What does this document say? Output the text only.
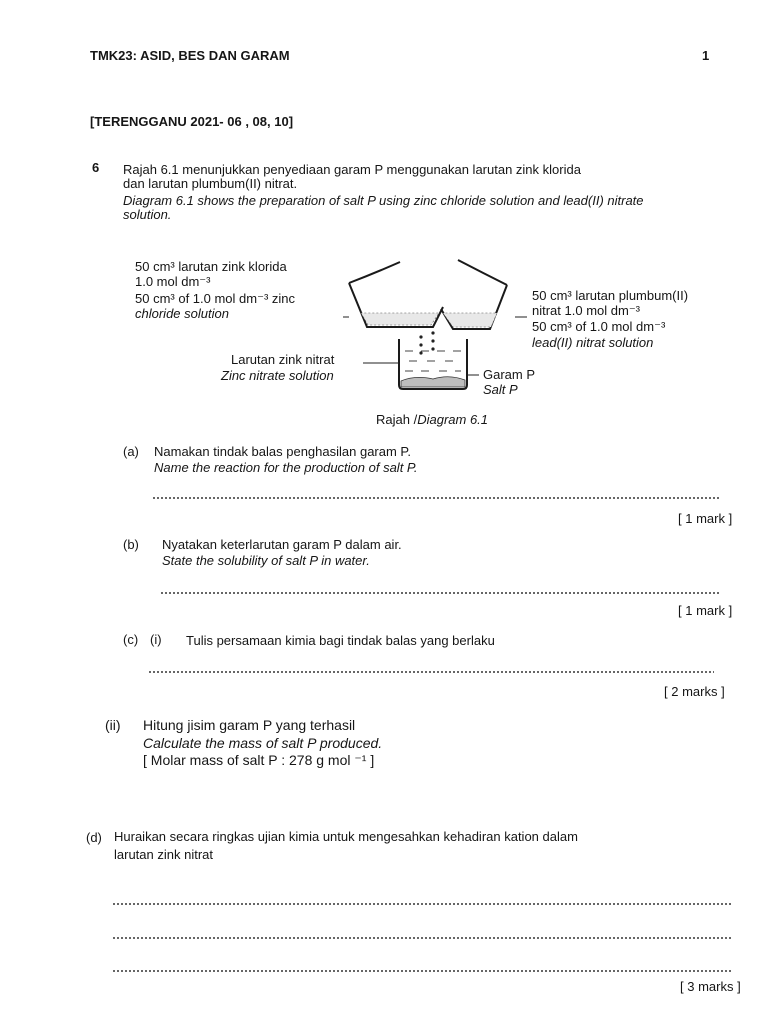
TMK23: ASID, BES DAN GARAM	1
[TERENGGANU 2021- 06 , 08, 10]
6 Rajah 6.1 menunjukkan penyediaan garam P menggunakan larutan zink klorida
dan larutan plumbum(II) nitrat.
Diagram 6.1 shows the preparation of salt P using zinc chloride solution and lead(II) nitrate
solution.
50 cm³ larutan zink klorida
1.0 mol dm⁻³
50 cm³ of 1.0 mol dm⁻³ zinc
chloride solution
50 cm³ larutan plumbum(II)
nitrat 1.0 mol dm⁻³
50 cm³ of 1.0 mol dm⁻³
lead(II) nitrat solution
Larutan zink nitrat
Zinc nitrate solution	Garam P
Salt P
Rajah /Diagram 6.1
(a) Namakan tindak balas penghasilan garam P.
Name the reaction for the production of salt P.
[ 1 mark ]
(b) Nyatakan keterlarutan garam P dalam air.
State the solubility of salt P in water.
[ 1 mark ]
(c) (i) Tulis persamaan kimia bagi tindak balas yang berlaku
[ 2 marks ]
(ii) Hitung jisim garam P yang terhasil
Calculate the mass of salt P produced.
[ Molar mass of salt P : 278 g mol ⁻¹ ]
(d) Huraikan secara ringkas ujian kimia untuk mengesahkan kehadiran kation dalam
larutan zink nitrat
[ 3 marks ]
